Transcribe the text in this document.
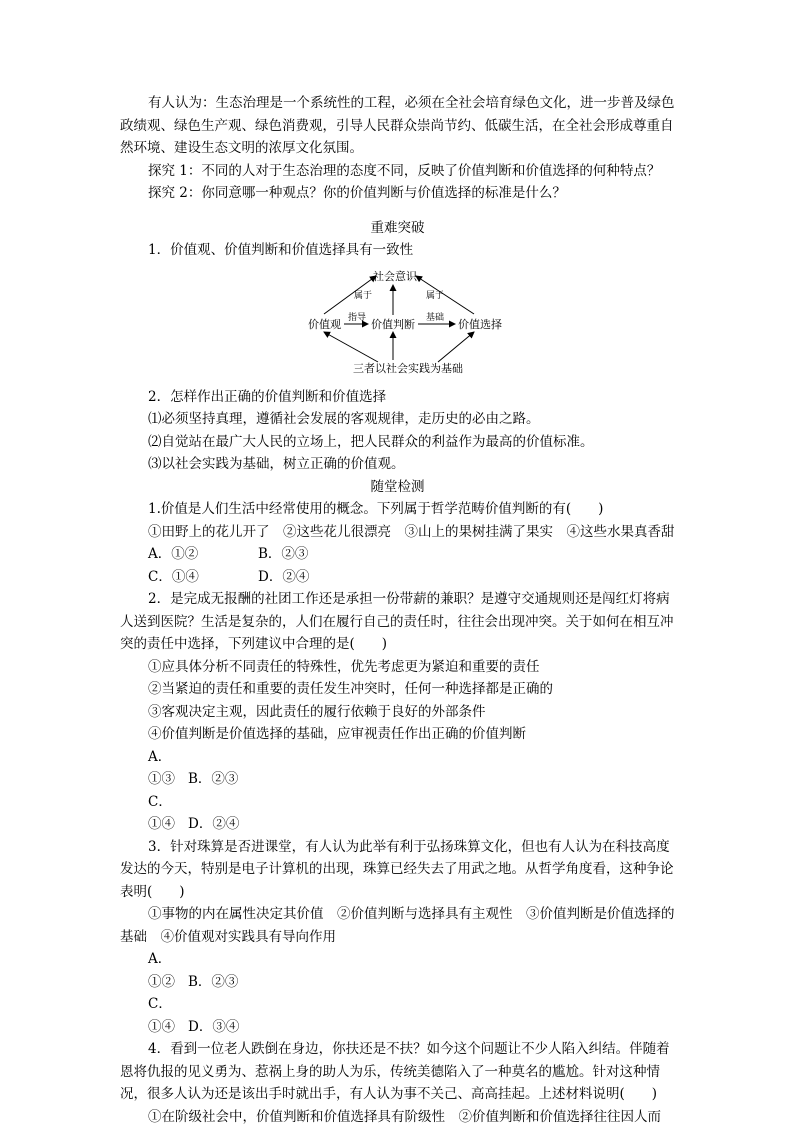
有人认为：生态治理是一个系统性的工程，必须在全社会培育绿色文化，进一步普及绿色政绩观、绿色生产观、绿色消费观，引导人民群众崇尚节约、低碳生活，在全社会形成尊重自然环境、建设生态文明的浓厚文化氛围。

探究 1：不同的人对于生态治理的态度不同，反映了价值判断和价值选择的何种特点？

探究 2：你同意哪一种观点？你的价值判断与价值选择的标准是什么？

重难突破

1．价值观、价值判断和价值选择具有一致性

社会意识
价值观	价值判断	价值选择
三者以社会实践为基础
属于	属于
指导	基础

2．怎样作出正确的价值判断和价值选择

⑴必须坚持真理，遵循社会发展的客观规律，走历史的必由之路。

⑵自觉站在最广大人民的立场上，把人民群众的利益作为最高的价值标准。

⑶以社会实践为基础，树立正确的价值观。

随堂检测

1.价值是人们生活中经常使用的概念。下列属于哲学范畴价值判断的有(　　)

①田野上的花儿开了　②这些花儿很漂亮　③山上的果树挂满了果实　④这些水果真香甜

A．①②	B．②③

C．①④	D．②④

2．是完成无报酬的社团工作还是承担一份带薪的兼职？是遵守交通规则还是闯红灯将病人送到医院？生活是复杂的，人们在履行自己的责任时，往往会出现冲突。关于如何在相互冲突的责任中选择，下列建议中合理的是(　　)

①应具体分析不同责任的特殊性，优先考虑更为紧迫和重要的责任

②当紧迫的责任和重要的责任发生冲突时，任何一种选择都是正确的

③客观决定主观，因此责任的履行依赖于良好的外部条件

④价值判断是价值选择的基础，应审视责任作出正确的价值判断

A．①③ B．②③

C．①④ D．②④

3．针对珠算是否进课堂，有人认为此举有利于弘扬珠算文化，但也有人认为在科技高度发达的今天，特别是电子计算机的出现，珠算已经失去了用武之地。从哲学角度看，这种争论表明(　　)

①事物的内在属性决定其价值　②价值判断与选择具有主观性　③价值判断是价值选择的基础　④价值观对实践具有导向作用

A．①② B．②③

C．①④ D．③④

4．看到一位老人跌倒在身边，你扶还是不扶？如今这个问题让不少人陷入纠结。伴随着恩将仇报的见义勇为、惹祸上身的助人为乐，传统美德陷入了一种莫名的尴尬。针对这种情况，很多人认为还是该出手时就出手，有人认为事不关己、高高挂起。上述材料说明(　　)

①在阶级社会中，价值判断和价值选择具有阶级性　②价值判断和价值选择往往因人而
